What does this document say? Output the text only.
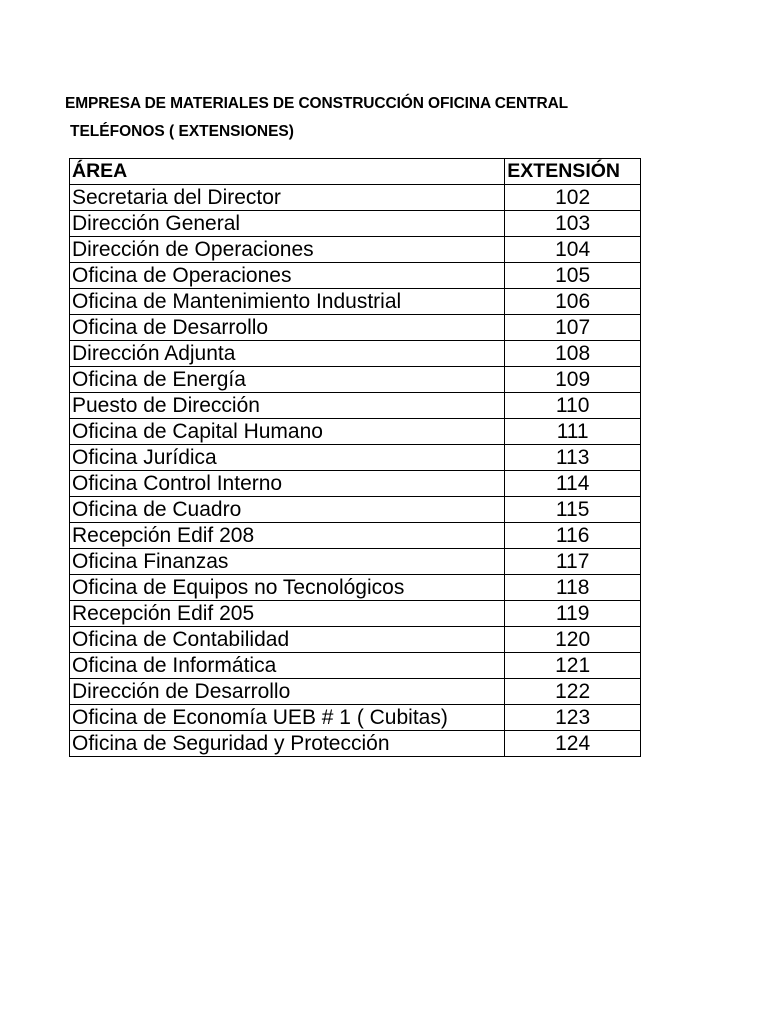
EMPRESA DE MATERIALES DE CONSTRUCCIÓN OFICINA CENTRAL
TELÉFONOS ( EXTENSIONES)
ÁREA	EXTENSIÓN
Secretaria del Director	102
Dirección General	103
Dirección de Operaciones	104
Oficina de Operaciones	105
Oficina de Mantenimiento Industrial	106
Oficina de Desarrollo	107
Dirección Adjunta	108
Oficina de Energía	109
Puesto de Dirección	110
Oficina de Capital Humano	111
Oficina Jurídica	113
Oficina Control Interno	114
Oficina de Cuadro	115
Recepción Edif 208	116
Oficina Finanzas	117
Oficina de Equipos no Tecnológicos	118
Recepción Edif 205	119
Oficina de Contabilidad	120
Oficina de Informática	121
Dirección de Desarrollo	122
Oficina de Economía UEB # 1 ( Cubitas)	123
Oficina de Seguridad y Protección	124
